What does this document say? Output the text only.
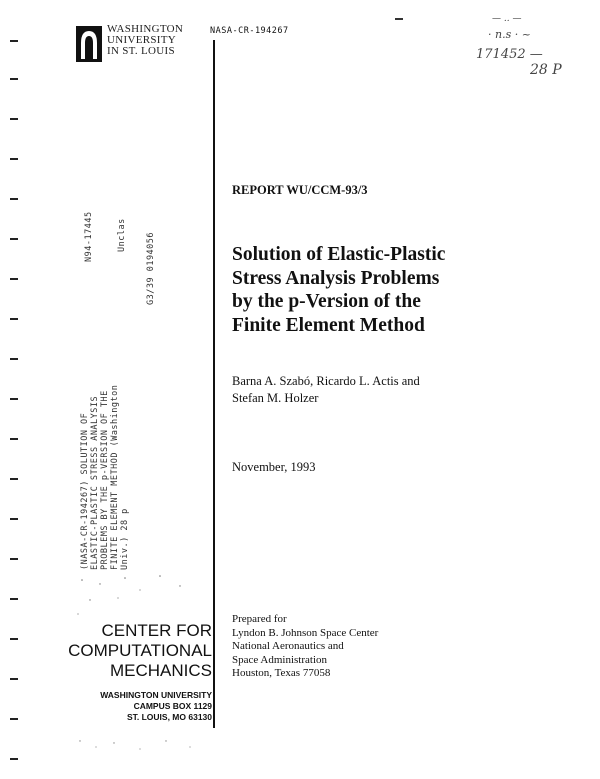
WASHINGTON
UNIVERSITY
IN ST. LOUIS
NASA-CR-194267
— .. —
· n.s · ~
171452 —
28 P
REPORT WU/CCM-93/3
Solution of Elastic-Plastic
Stress Analysis Problems
by the p-Version of the
Finite Element Method
Barna A. Szabó, Ricardo L. Actis and
Stefan M. Holzer
November, 1993
Prepared for
Lyndon B. Johnson Space Center
National Aeronautics and
Space Administration
Houston, Texas 77058
CENTER FOR
COMPUTATIONAL
MECHANICS
WASHINGTON UNIVERSITY
CAMPUS BOX 1129
ST. LOUIS, MO 63130
N94-17445	Unclas G3/39 0194056
(NASA-CR-194267) SOLUTION OF ELASTIC-PLASTIC STRESS ANALYSIS PROBLEMS BY THE p-VERSION OF THE FINITE ELEMENT METHOD (Washington Univ.) 28 p
